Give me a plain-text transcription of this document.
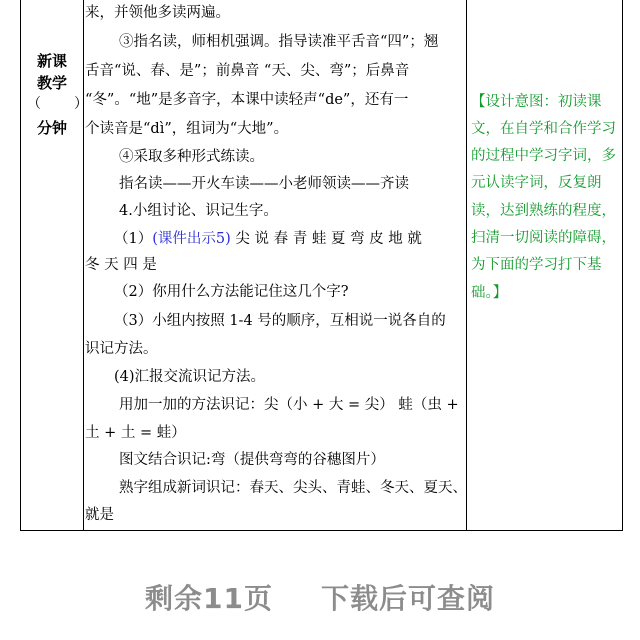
新课
教学
（ ）
分钟
来，并领他多读两遍。
③指名读，师相机强调。指导读准平舌音“四”；翘
舌音“说、春、是”；前鼻音 “天、尖、弯”；后鼻音
“冬”。“地”是多音字，本课中读轻声“de”，还有一
个读音是“dì”，组词为“大地”。
④采取多种形式练读。
指名读——开火车读——小老师领读——齐读
4.小组讨论、识记生字。
（1）(课件出示5) 尖 说 春 青 蛙 夏 弯 皮 地 就
冬 天 四 是
（2）你用什么方法能记住这几个字?
（3）小组内按照 1-4 号的顺序，互相说一说各自的
识记方法。
(4)汇报交流识记方法。
用加一加的方法识记：尖（小 + 大 = 尖） 蛙（虫 +
土 + 土 = 蛙）
图文结合识记:弯（提供弯弯的谷穗图片）
熟字组成新词识记：春天、尖头、青蛙、冬天、夏天、
就是
【设计意图：初读课
文，在自学和合作学习
的过程中学习字词，多
元认读字词，反复朗
读，达到熟练的程度，
扫清一切阅读的障碍，
为下面的学习打下基
础。】
剩余11页 下载后可查阅
